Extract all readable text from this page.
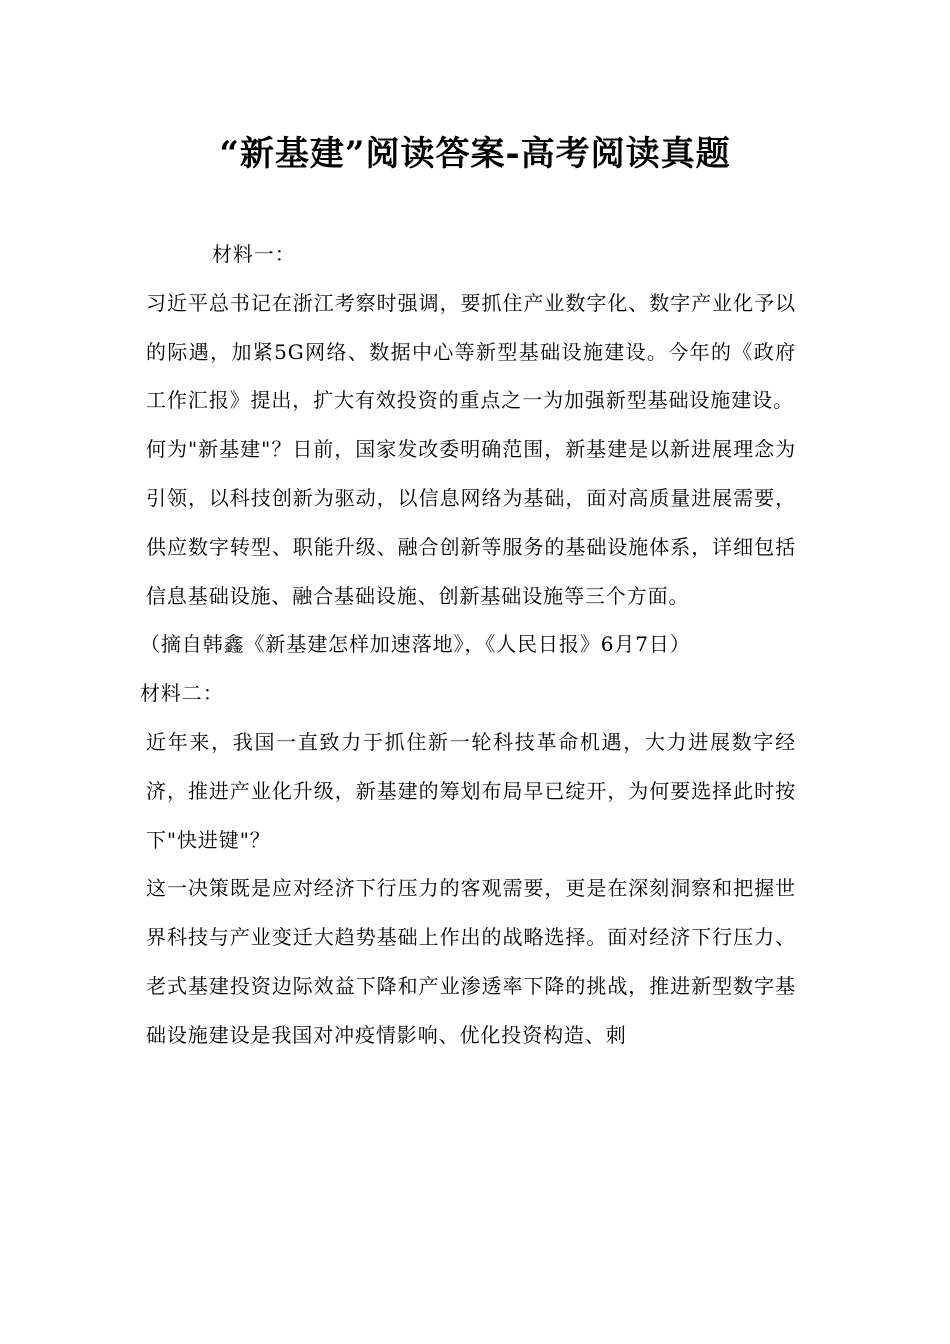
“新基建”阅读答案-高考阅读真题

材料一：

习近平总书记在浙江考察时强调，要抓住产业数字化、数字产业化予以的际遇，加紧5G网络、数据中心等新型基础设施建设。今年的《政府工作汇报》提出，扩大有效投资的重点之一为加强新型基础设施建设。

何为"新基建"？日前，国家发改委明确范围，新基建是以新进展理念为引领，以科技创新为驱动，以信息网络为基础，面对高质量进展需要，供应数字转型、职能升级、融合创新等服务的基础设施体系，详细包括信息基础设施、融合基础设施、创新基础设施等三个方面。

（摘自韩鑫《新基建怎样加速落地》，《人民日报》6月7日）

材料二：

近年来，我国一直致力于抓住新一轮科技革命机遇，大力进展数字经济，推进产业化升级，新基建的筹划布局早已绽开，为何要选择此时按下"快进键"？

这一决策既是应对经济下行压力的客观需要，更是在深刻洞察和把握世界科技与产业变迁大趋势基础上作出的战略选择。面对经济下行压力、老式基建投资边际效益下降和产业渗透率下降的挑战，推进新型数字基础设施建设是我国对冲疫情影响、优化投资构造、刺
